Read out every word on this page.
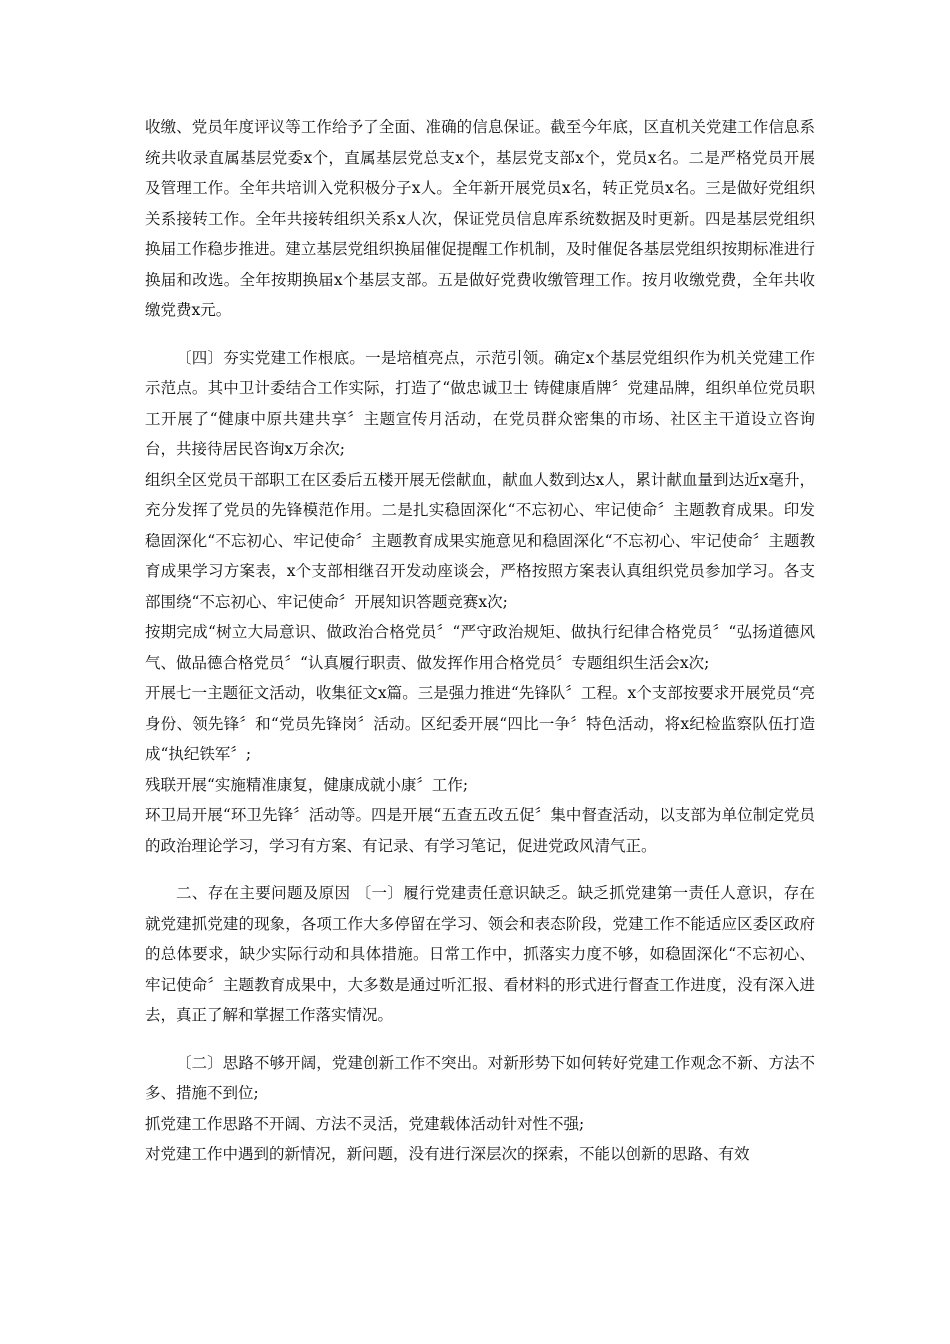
收缴、党员年度评议等工作给予了全面、准确的信息保证。截至今年底，区直机关党建工作信息系统共收录直属基层党委x个，直属基层党总支x个，基层党支部x个，党员x名。二是严格党员开展及管理工作。全年共培训入党积极分子x人。全年新开展党员x名，转正党员x名。三是做好党组织关系接转工作。全年共接转组织关系x人次，保证党员信息库系统数据及时更新。四是基层党组织换届工作稳步推进。建立基层党组织换届催促提醒工作机制，及时催促各基层党组织按期标准进行换届和改选。全年按期换届x个基层支部。五是做好党费收缴管理工作。按月收缴党费，全年共收缴党费x元。

〔四〕夯实党建工作根底。一是培植亮点，示范引领。确定x个基层党组织作为机关党建工作示范点。其中卫计委结合工作实际，打造了“做忠诚卫士 铸健康盾牌〞党建品牌，组织单位党员职工开展了“健康中原共建共享〞主题宣传月活动，在党员群众密集的市场、社区主干道设立咨询台，共接待居民咨询x万余次;

组织全区党员干部职工在区委后五楼开展无偿献血，献血人数到达x人，累计献血量到达近x毫升，充分发挥了党员的先锋模范作用。二是扎实稳固深化“不忘初心、牢记使命〞主题教育成果。印发稳固深化“不忘初心、牢记使命〞主题教育成果实施意见和稳固深化“不忘初心、牢记使命〞主题教育成果学习方案表，x个支部相继召开发动座谈会，严格按照方案表认真组织党员参加学习。各支部围绕“不忘初心、牢记使命〞开展知识答题竞赛x次;

按期完成“树立大局意识、做政治合格党员〞“严守政治规矩、做执行纪律合格党员〞“弘扬道德风气、做品德合格党员〞“认真履行职责、做发挥作用合格党员〞专题组织生活会x次;

开展七一主题征文活动，收集征文x篇。三是强力推进“先锋队〞工程。x个支部按要求开展党员“亮身份、领先锋〞和“党员先锋岗〞活动。区纪委开展“四比一争〞特色活动，将x纪检监察队伍打造成“执纪铁军〞;

残联开展“实施精准康复，健康成就小康〞工作;

环卫局开展“环卫先锋〞活动等。四是开展“五查五改五促〞集中督查活动，以支部为单位制定党员的政治理论学习，学习有方案、有记录、有学习笔记，促进党政风清气正。

二、存在主要问题及原因 〔一〕履行党建责任意识缺乏。缺乏抓党建第一责任人意识，存在就党建抓党建的现象，各项工作大多停留在学习、领会和表态阶段，党建工作不能适应区委区政府的总体要求，缺少实际行动和具体措施。日常工作中，抓落实力度不够，如稳固深化“不忘初心、牢记使命〞主题教育成果中，大多数是通过听汇报、看材料的形式进行督查工作进度，没有深入进去，真正了解和掌握工作落实情况。

〔二〕思路不够开阔，党建创新工作不突出。对新形势下如何转好党建工作观念不新、方法不多、措施不到位;

抓党建工作思路不开阔、方法不灵活，党建载体活动针对性不强;

对党建工作中遇到的新情况，新问题，没有进行深层次的探索，不能以创新的思路、有效
